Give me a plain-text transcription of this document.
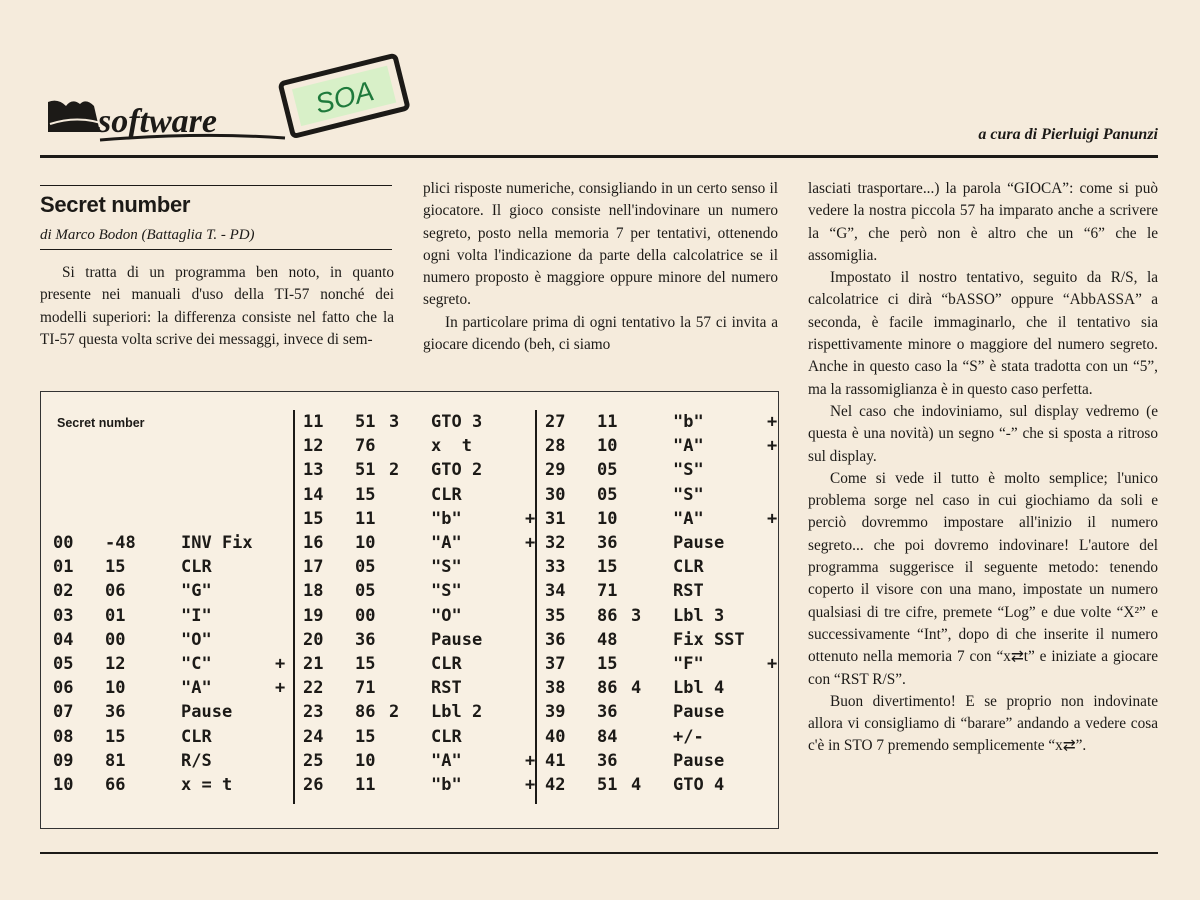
software
SOA
a cura di Pierluigi Panunzi
Secret number
di Marco Bodon (Battaglia T. - PD)

Si tratta di un programma ben noto, in quanto presente nei manuali d'uso della TI-57 nonché dei modelli superiori: la differenza consiste nel fatto che la TI-57 questa volta scrive dei messaggi, invece di sem-

plici risposte numeriche, consigliando in un certo senso il giocatore. Il gioco consiste nell'indovinare un numero segreto, posto nella memoria 7 per tentativi, ottenendo ogni volta l'indicazione da parte della calcolatrice se il numero proposto è maggiore oppure minore del numero segreto.

In particolare prima di ogni tentativo la 57 ci invita a giocare dicendo (beh, ci siamo

lasciati trasportare...) la parola “GIOCA”: come si può vedere la nostra piccola 57 ha imparato anche a scrivere la “G”, che però non è altro che un “6” che le assomiglia.

Impostato il nostro tentativo, seguito da R/S, la calcolatrice ci dirà “bASSO” oppure “AbbASSA” a seconda, è facile immaginarlo, che il tentativo sia rispettivamente minore o maggiore del numero segreto. Anche in questo caso la “S” è stata tradotta con un “5”, ma la rassomiglianza è in questo caso perfetta.

Nel caso che indoviniamo, sul display vedremo (e questa è una novità) un segno “-” che si sposta a ritroso sul display.

Come si vede il tutto è molto semplice; l'unico problema sorge nel caso in cui giochiamo da soli e perciò dovremmo impostare all'inizio il numero segreto... che poi dovremo indovinare! L'autore del programma suggerisce il seguente metodo: tenendo coperto il visore con una mano, impostate un numero qualsiasi di tre cifre, premete “Log” e due volte “X²” e successivamente “Int”, dopo di che inserite il numero ottenuto nella memoria 7 con “x⇄t” e iniziate a giocare con “RST R/S”.

Buon divertimento! E se proprio non indovinate allora vi consigliamo di “barare” andando a vedere cosa c'è in STO 7 premendo semplicemente “x⇄”.

Secret number
00 -48	INV Fix
01 15	CLR
02 06	"G"
03 01	"I"
04 00	"O"
05 12	"C"	+
06 10	"A"	+
07 36	Pause
08 15	CLR
09 81	R/S
10 66	x = t
11 51 3 GTO 3
12 76	x  t
13 51 2 GTO 2
14 15	CLR
15 11	"b"	+
16 10	"A"	+
17 05	"S"
18 05	"S"
19 00	"O"
20 36	Pause
21 15	CLR
22 71	RST
23 86 2 Lbl 2
24 15	CLR
25 10	"A"	+
26 11	"b"	+
27 11	"b"	+
28 10	"A"	+
29 05	"S"
30 05	"S"
31 10	"A"	+
32 36	Pause
33 15	CLR
34 71	RST
35 86 3 Lbl 3
36 48	Fix SST
37 15	"F"	+
38 86 4 Lbl 4
39 36	Pause
40 84	+/-
41 36	Pause
42 51 4 GTO 4
